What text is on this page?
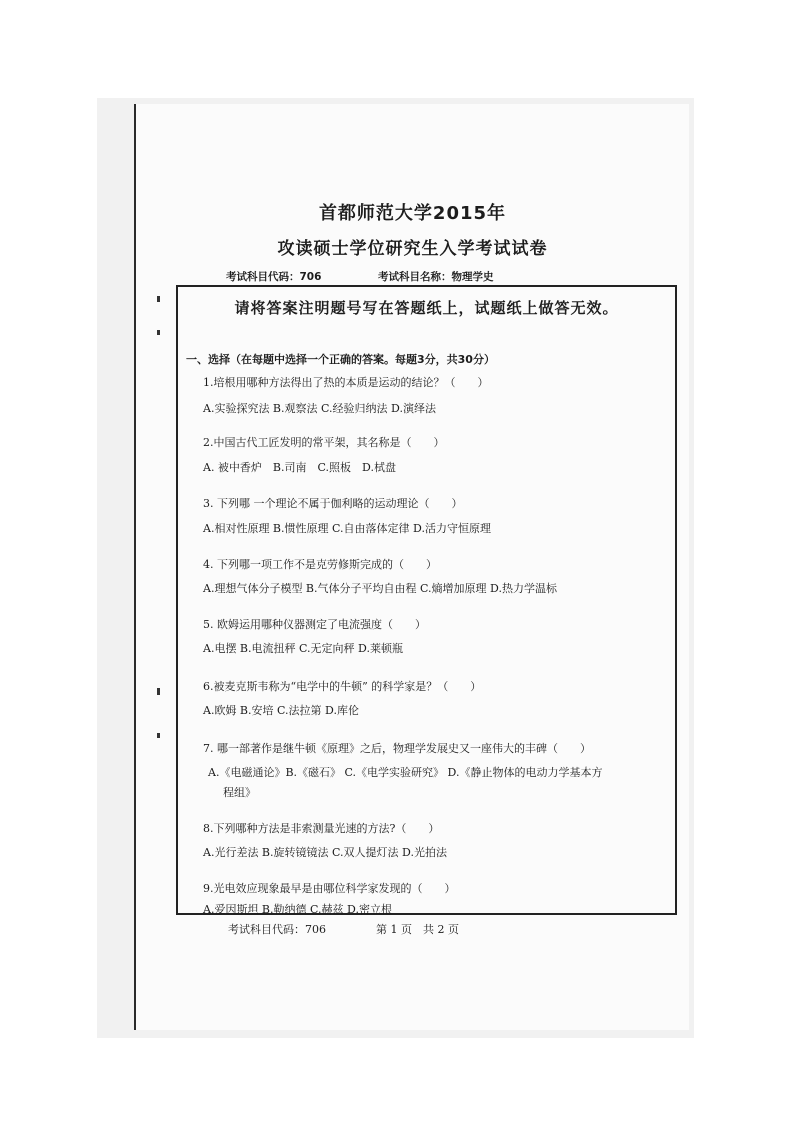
首都师范大学2015年
攻读硕士学位研究生入学考试试卷
考试科目代码：706	考试科目名称：物理学史
请将答案注明题号写在答题纸上，试题纸上做答无效。
一、选择（在每题中选择一个正确的答案。每题3分，共30分）
1.培根用哪种方法得出了热的本质是运动的结论？（　　）
A.实验探究法 B.观察法 C.经验归纳法 D.演绎法
2.中国古代工匠发明的常平架，其名称是（　　）
A. 被中香炉　B.司南　C.照板　D.栻盘
3. 下列哪 一个理论不属于伽利略的运动理论（　　）
A.相对性原理 B.惯性原理 C.自由落体定律 D.活力守恒原理
4. 下列哪一项工作不是克劳修斯完成的（　　）
A.理想气体分子模型 B.气体分子平均自由程 C.熵增加原理 D.热力学温标
5. 欧姆运用哪种仪器测定了电流强度（　　）
A.电摆 B.电流扭秤 C.无定向秤 D.莱顿瓶
6.被麦克斯韦称为“电学中的牛顿” 的科学家是？（　　）
A.欧姆 B.安培 C.法拉第 D.库伦
7. 哪一部著作是继牛顿《原理》之后，物理学发展史又一座伟大的丰碑（　　）
A.《电磁通论》B.《磁石》 C.《电学实验研究》 D.《静止物体的电动力学基本方
程组》
8.下列哪种方法是非索测量光速的方法?（　　）
A.光行差法 B.旋转镜镜法 C.双人提灯法 D.光拍法
9.光电效应现象最早是由哪位科学家发现的（　　）
A.爱因斯坦 B.勒纳德 C.赫兹 D.密立根
考试科目代码：706	第 1 页　共 2 页
